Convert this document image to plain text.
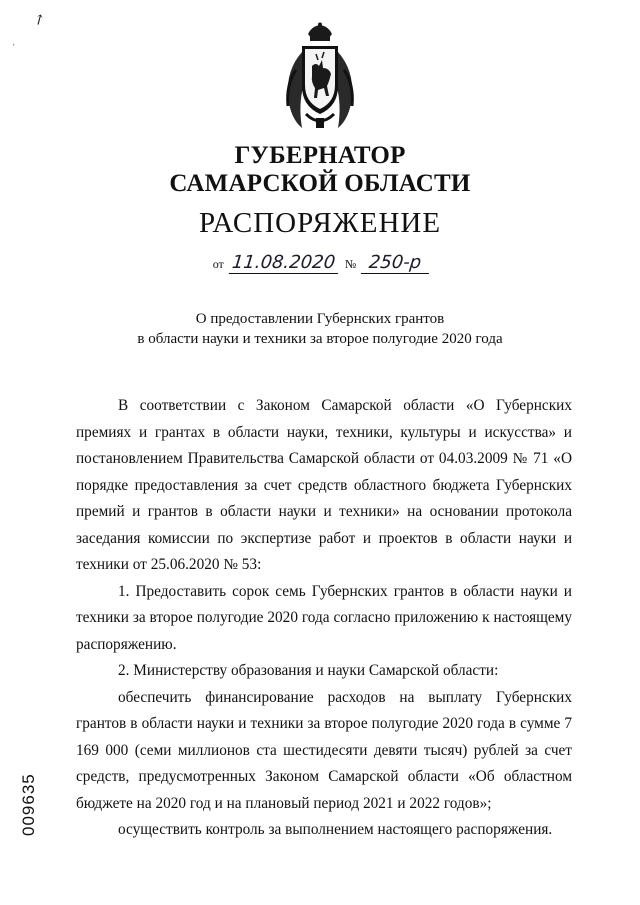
↗
ˌ
ГУБЕРНАТОР
САМАРСКОЙ ОБЛАСТИ
РАСПОРЯЖЕНИЕ
от 11.08.2020 № 250-р
О предоставлении Губернских грантов
в области науки и техники за второе полугодие 2020 года

В соответствии с Законом Самарской области «О Губернских премиях и грантах в области науки, техники, культуры и искусства» и постановлением Правительства Самарской области от 04.03.2009 № 71 «О порядке предоставления за счет средств областного бюджета Губернских премий и грантов в области науки и техники» на основании протокола заседания комиссии по экспертизе работ и проектов в области науки и техники от 25.06.2020 № 53:

1. Предоставить сорок семь Губернских грантов в области науки и техники за второе полугодие 2020 года согласно приложению к настоящему распоряжению.

2. Министерству образования и науки Самарской области:

обеспечить финансирование расходов на выплату Губернских грантов в области науки и техники за второе полугодие 2020 года в сумме 7 169 000 (семи миллионов ста шестидесяти девяти тысяч) рублей за счет средств, предусмотренных Законом Самарской области «Об областном бюджете на 2020 год и на плановый период 2021 и 2022 годов»;

осуществить контроль за выполнением настоящего распоряжения.

009635
